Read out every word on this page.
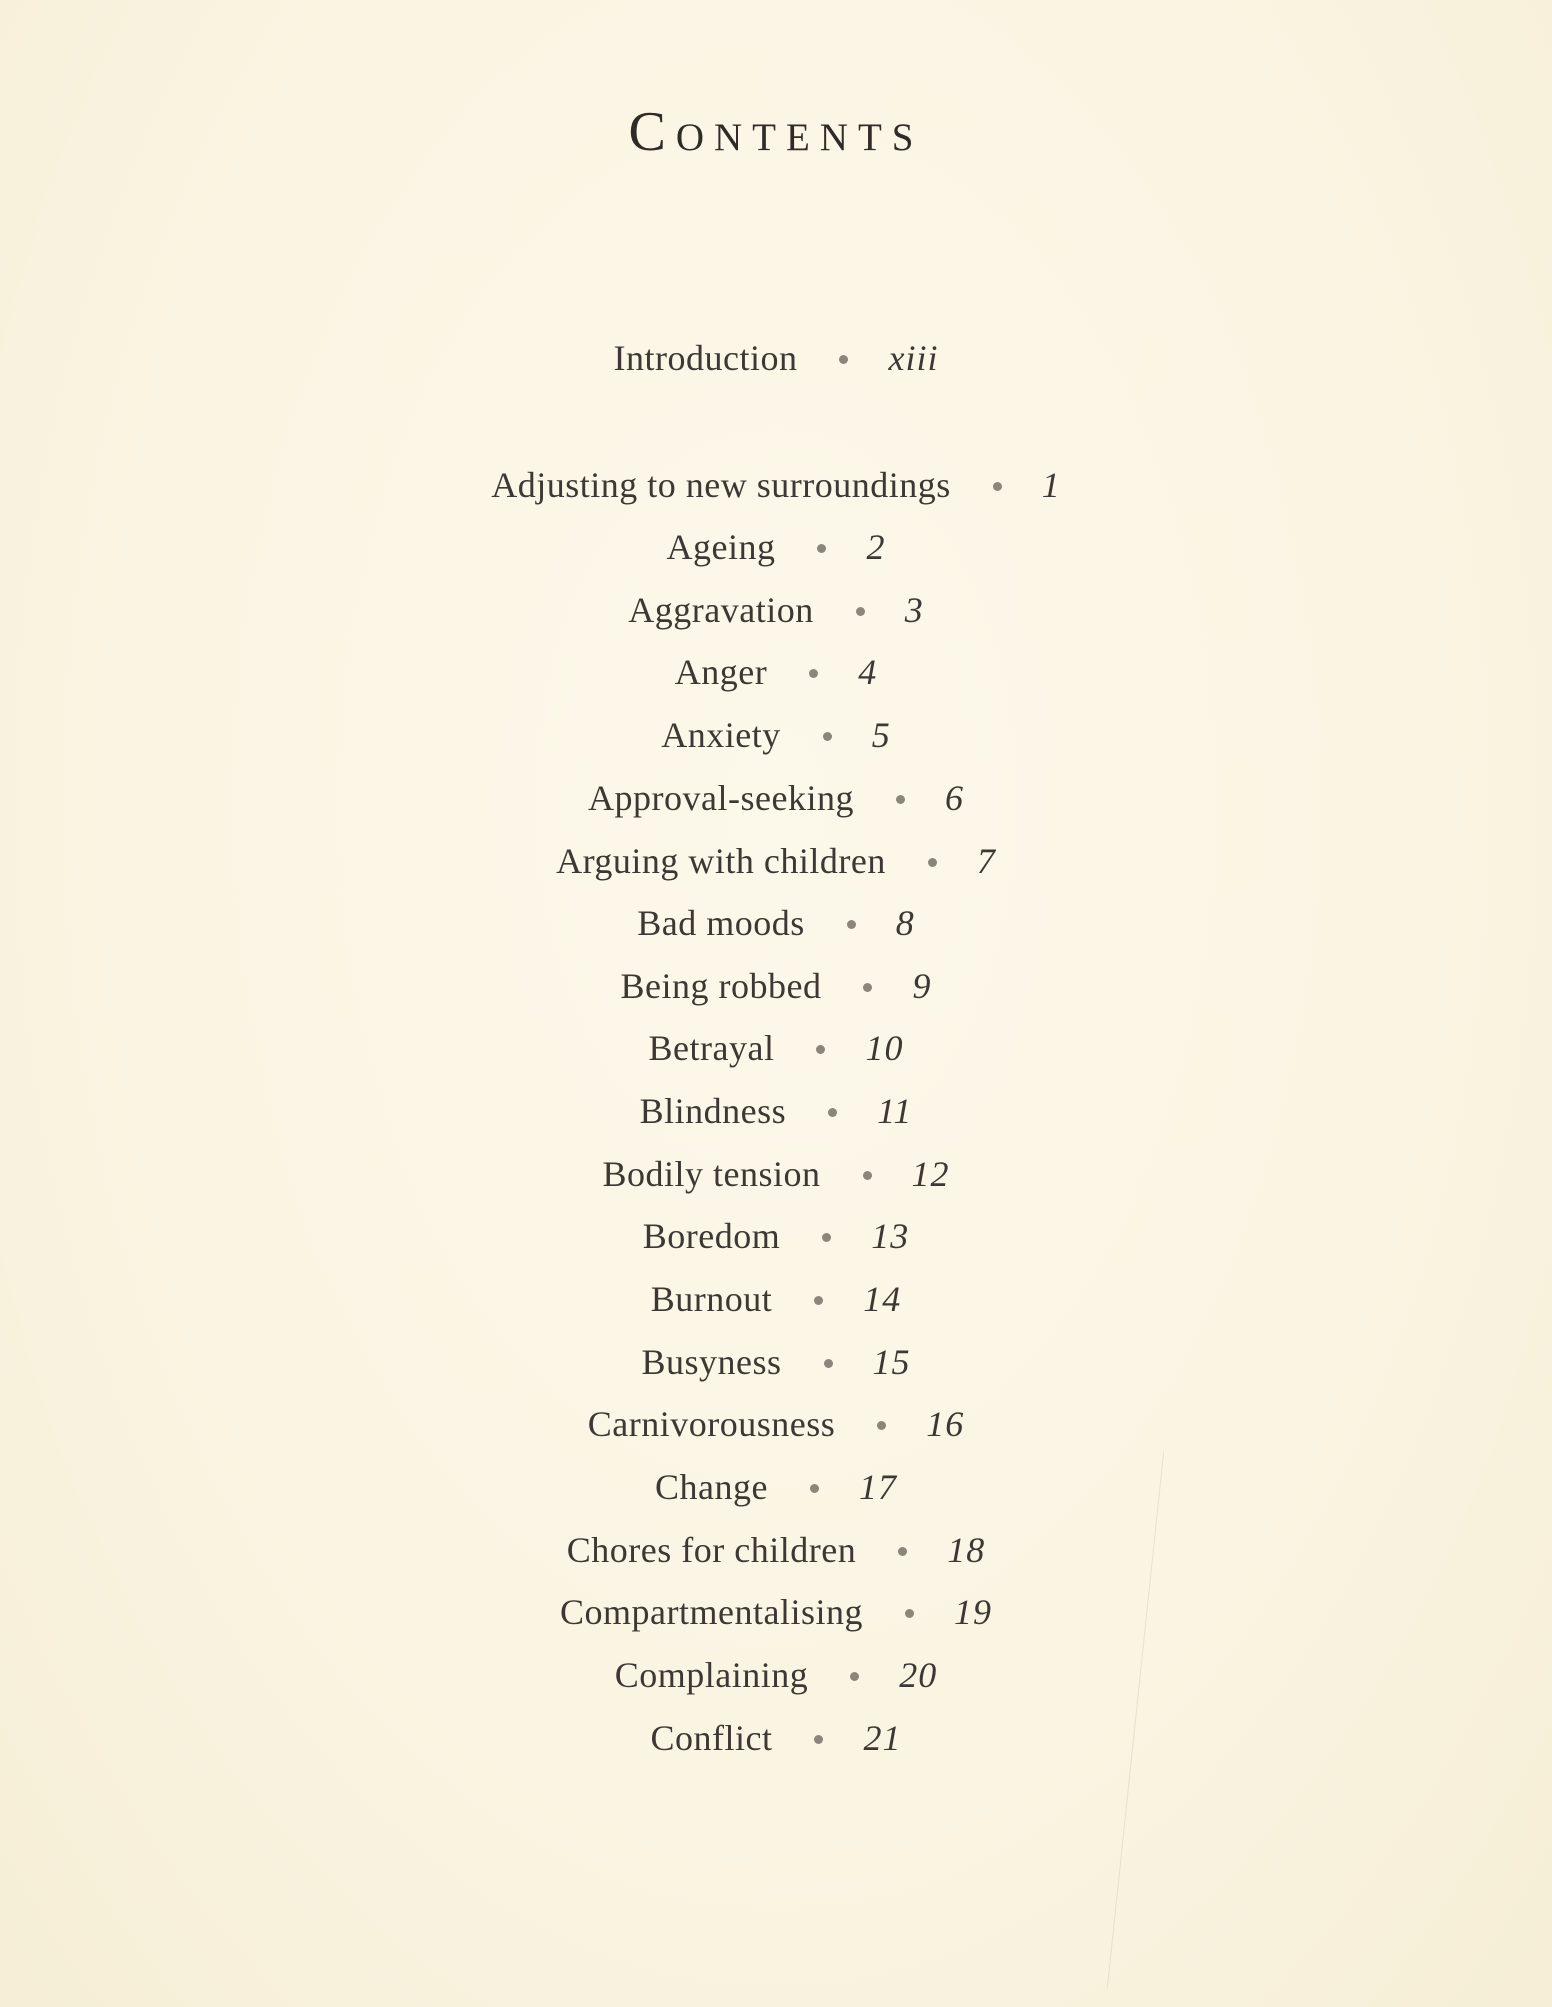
Contents
Introduction	xiii
Adjusting to new surroundings	1
Ageing	2
Aggravation	3
Anger	4
Anxiety	5
Approval-seeking	6
Arguing with children	7
Bad moods	8
Being robbed	9
Betrayal	10
Blindness	11
Bodily tension	12
Boredom	13
Burnout	14
Busyness	15
Carnivorousness	16
Change	17
Chores for children	18
Compartmentalising	19
Complaining	20
Conflict	21
